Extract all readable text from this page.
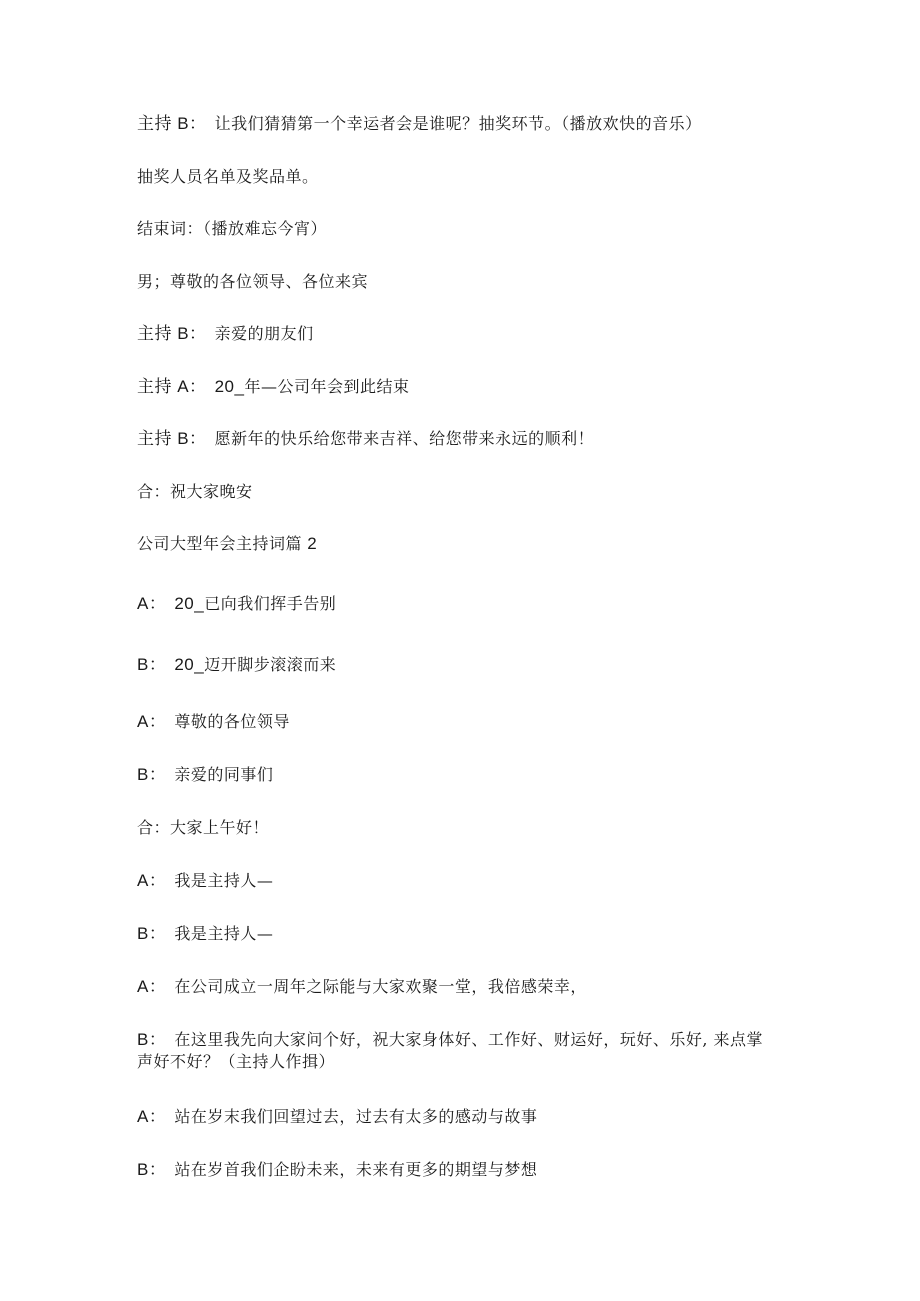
主持 B： 让我们猜猜第一个幸运者会是谁呢？抽奖环节。（播放欢快的音乐）
抽奖人员名单及奖品单。
结束词：（播放难忘今宵）
男；尊敬的各位领导、各位来宾
主持 B： 亲爱的朋友们
主持 A： 20_年—公司年会到此结束
主持 B： 愿新年的快乐给您带来吉祥、给您带来永远的顺利！
合：祝大家晚安
公司大型年会主持词篇 2
A： 20_已向我们挥手告别
B： 20_迈开脚步滚滚而来
A： 尊敬的各位领导
B： 亲爱的同事们
合：大家上午好！
A： 我是主持人—
B： 我是主持人—
A： 在公司成立一周年之际能与大家欢聚一堂，我倍感荣幸，
B： 在这里我先向大家问个好，祝大家身体好、工作好、财运好，玩好、乐好, 来点掌声好不好？（主持人作揖）
A： 站在岁末我们回望过去，过去有太多的感动与故事
B： 站在岁首我们企盼未来，未来有更多的期望与梦想
